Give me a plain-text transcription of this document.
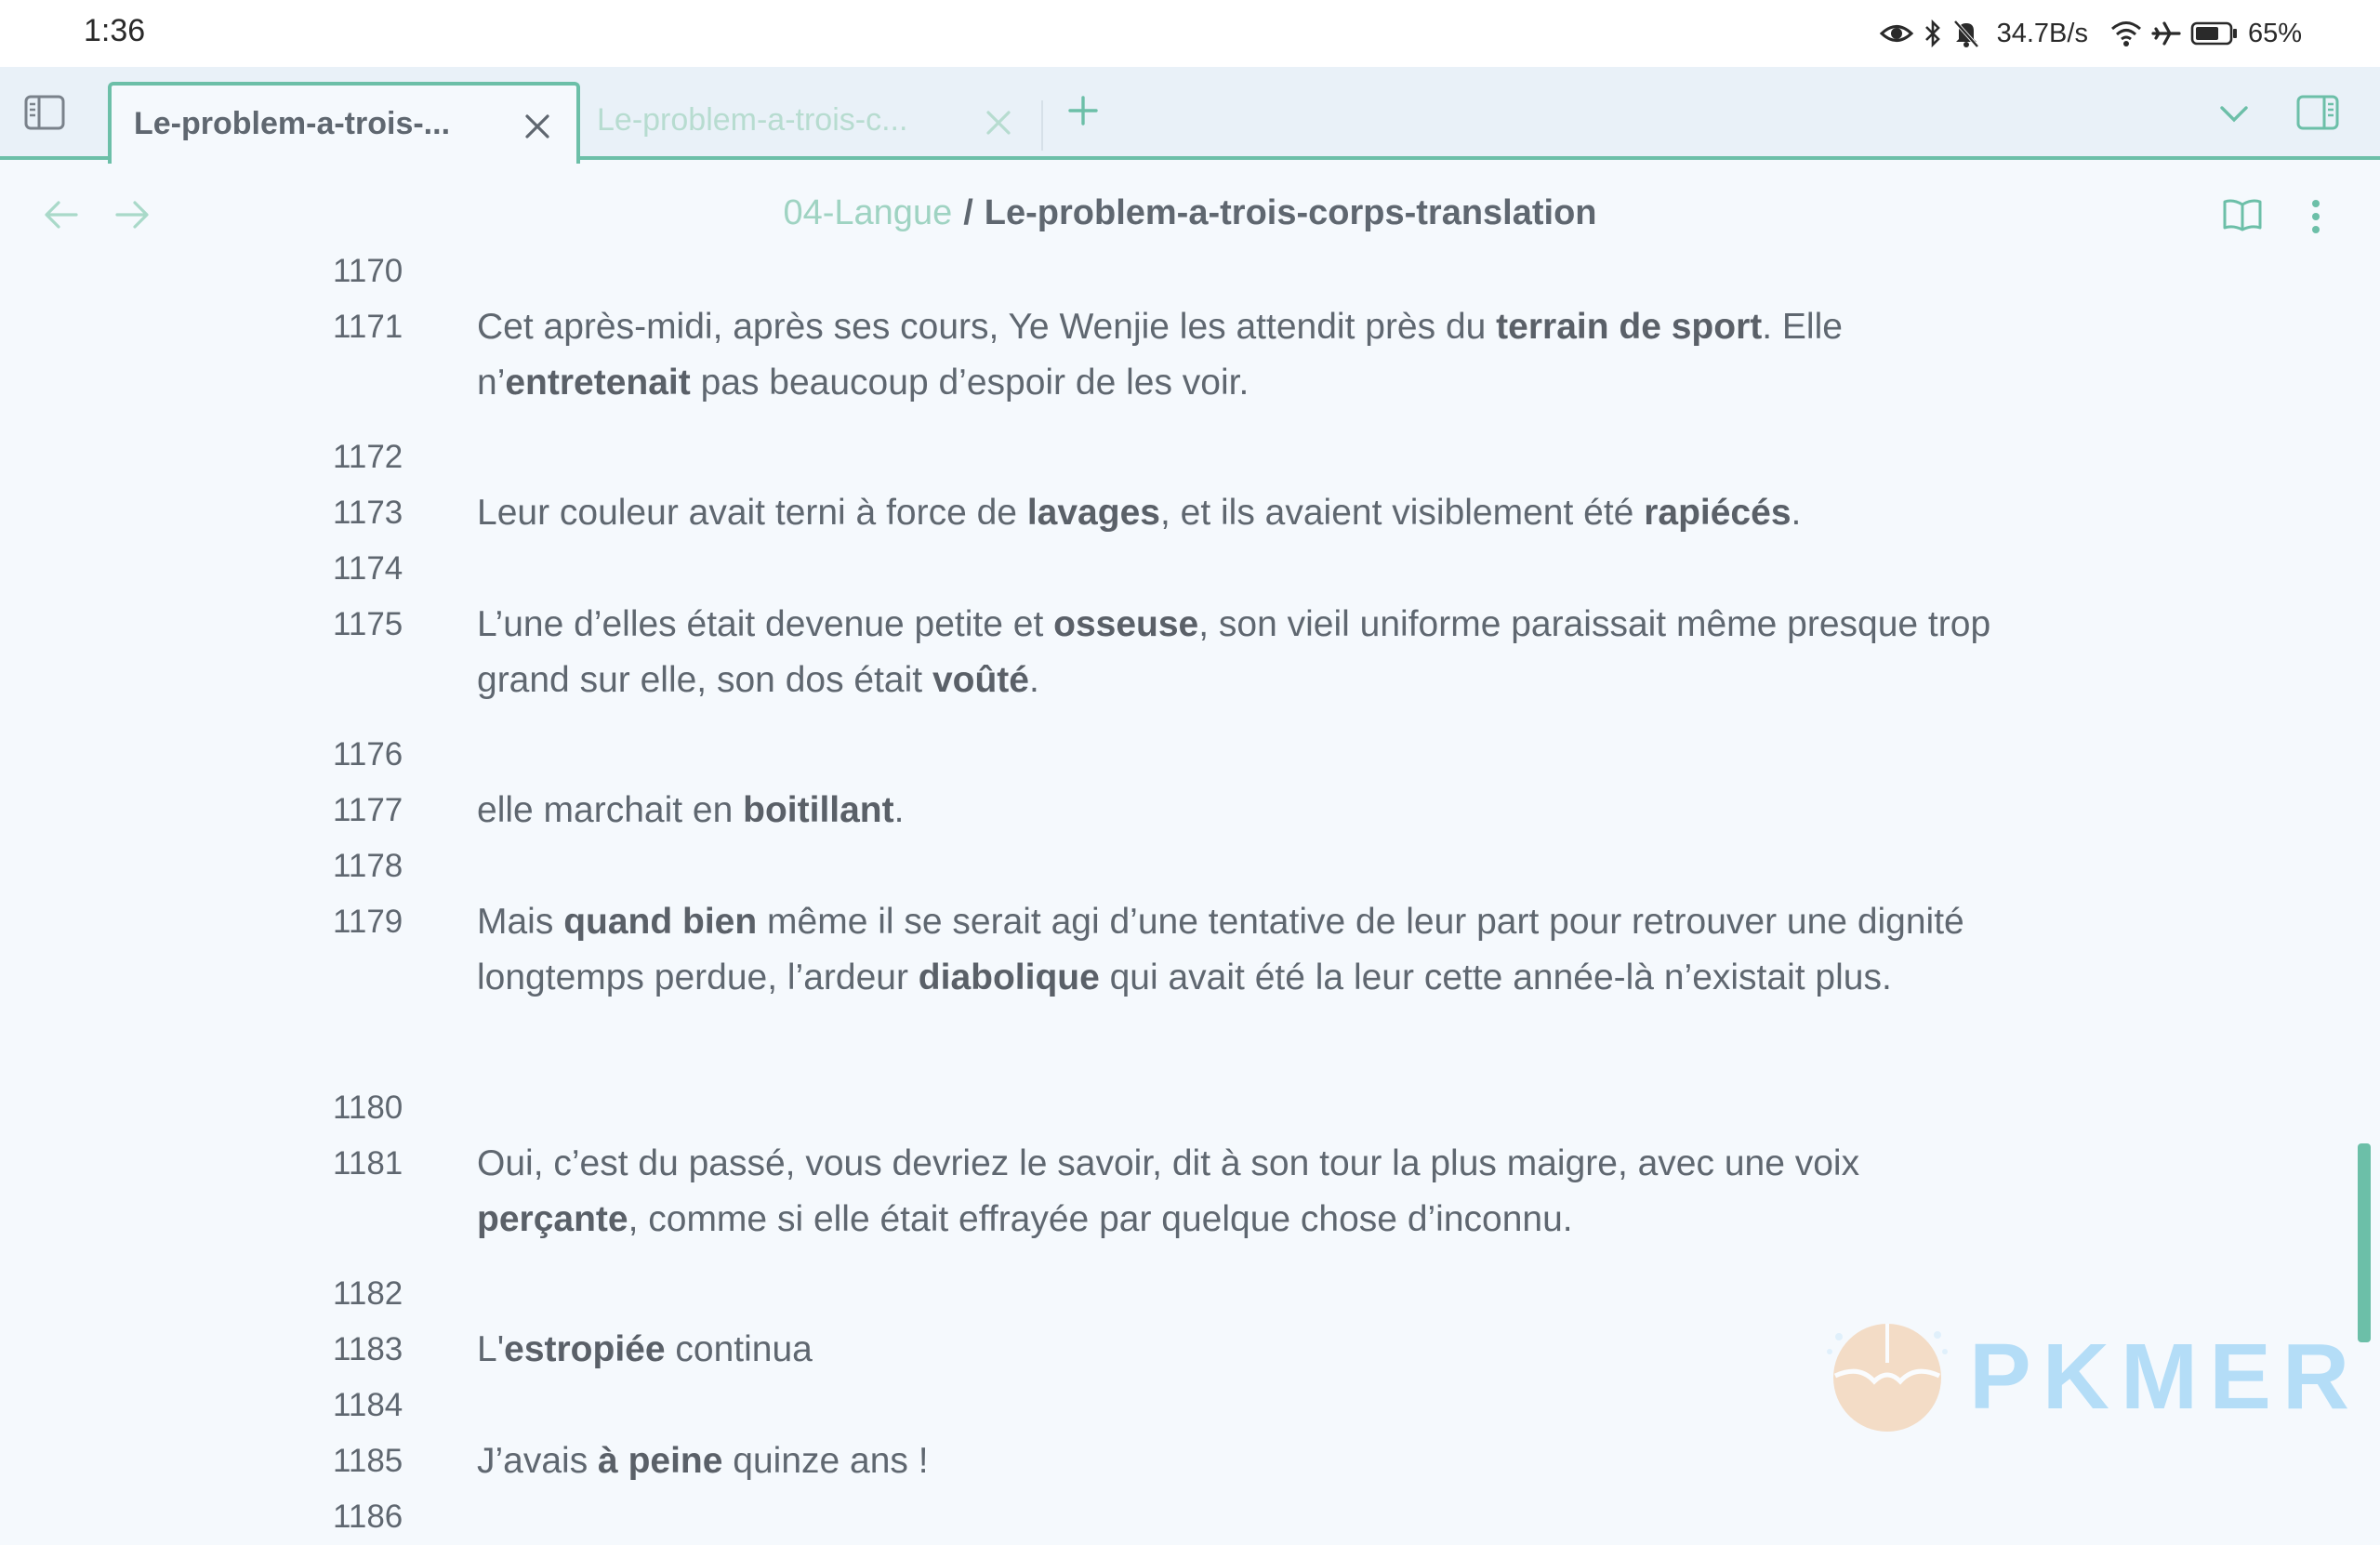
1:36	34.7B/s	65%
Le-problem-a-trois-...	Le-problem-a-trois-c...
04-Langue / Le-problem-a-trois-corps-translation
1170
1171	Cet après-midi, après ses cours, Ye Wenjie les attendit près du terrain de sport. Elle n’entretenait pas beaucoup d’espoir de les voir.
1172
1173	Leur couleur avait terni à force de lavages, et ils avaient visiblement été rapiécés.
1174
1175	L’une d’elles était devenue petite et osseuse, son vieil uniforme paraissait même presque trop grand sur elle, son dos était voûté.
1176
1177	elle marchait en boitillant.
1178
1179	Mais quand bien même il se serait agi d’une tentative de leur part pour retrouver une dignité longtemps perdue, l’ardeur diabolique qui avait été la leur cette année-là n’existait plus.
1180
1181	Oui, c’est du passé, vous devriez le savoir, dit à son tour la plus maigre, avec une voix perçante, comme si elle était effrayée par quelque chose d’inconnu.
1182
1183	L'estropiée continua
1184
1185	J’avais à peine quinze ans !
1186
PKMER
